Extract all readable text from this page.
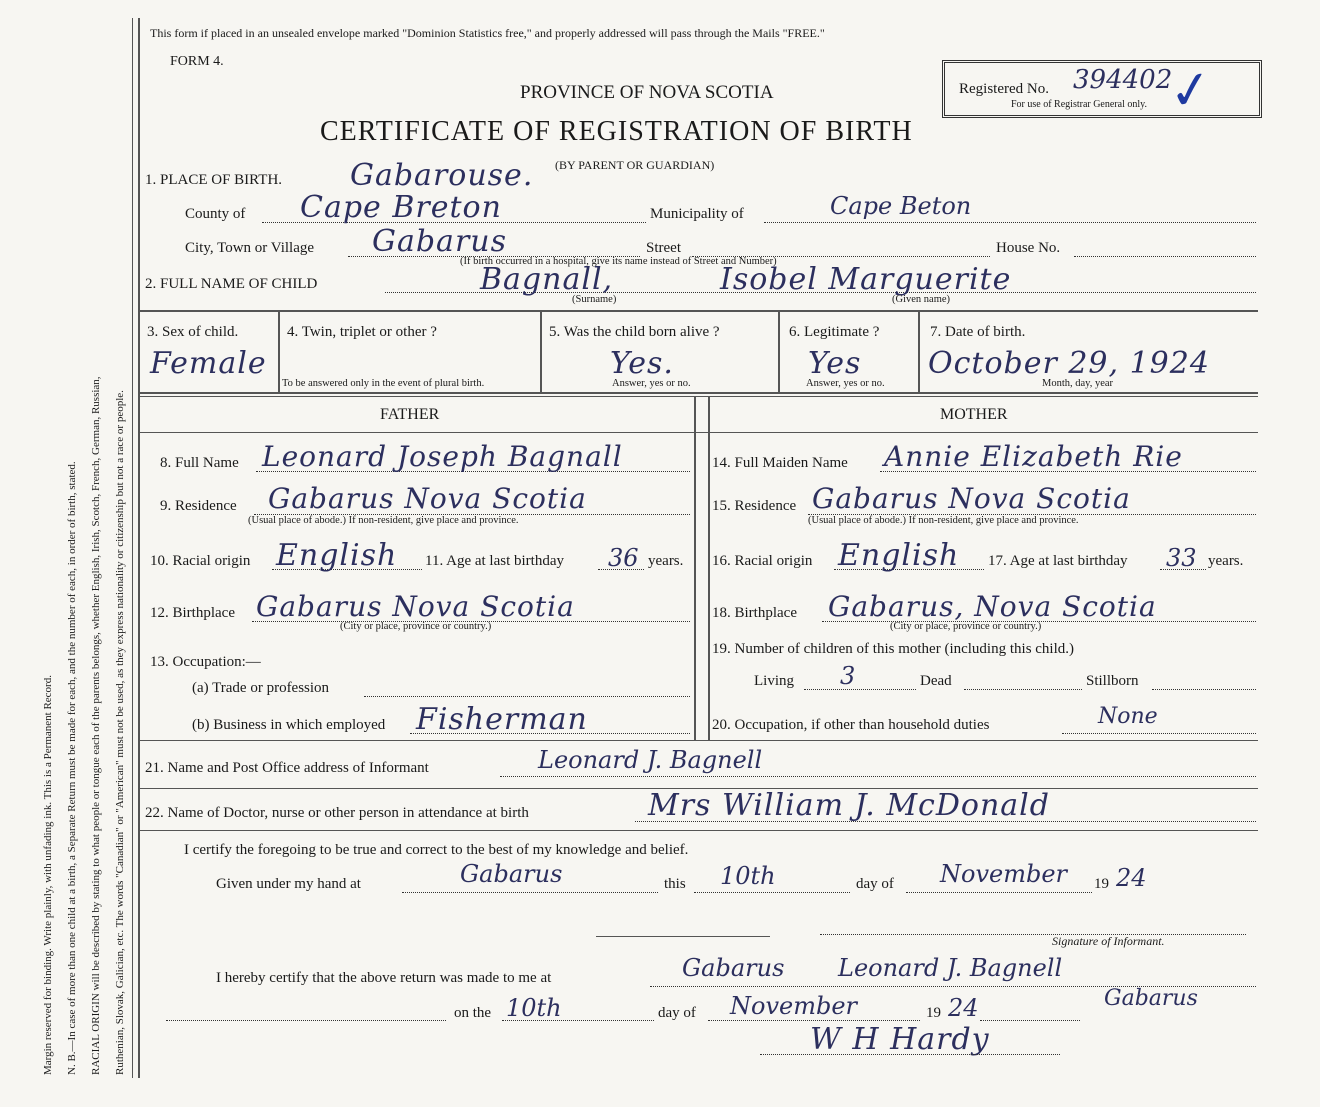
Margin reserved for binding. Write plainly, with unfading ink. This is a Permanent Record. N. B.—In case of more than one child at a birth, a Separate Return must be made for each, and the number of each, in order of birth, stated. RACIAL ORIGIN will be described by stating to what people or tongue each of the parents belongs, whether English, Irish, Scotch, French, German, Russian, Ruthenian, Slovak, Galician, etc. The words "Canadian" or "American" must not be used, as they express nationality or citizenship but not a race or people.
This form if placed in an unsealed envelope marked "Dominion Statistics free," and properly addressed will pass through the Mails "FREE."
FORM 4.
PROVINCE OF NOVA SCOTIA
CERTIFICATE OF REGISTRATION OF BIRTH
(BY PARENT OR GUARDIAN)
Registered No. 394402
✓
For use of Registrar General only.
1. PLACE OF BIRTH. Gabarouse.
County of Cape Breton	Municipality of	Cape Beton
City, Town or Village Gabarus	Street	House No.
(If birth occurred in a hospital, give its name instead of Street and Number)
2. FULL NAME OF CHILD	Bagnall,	Isobel Marguerite
(Surname)	(Given name)
3. Sex of child.
Female
4. Twin, triplet or other ?
To be answered only in the event of plural birth.
5. Was the child born alive ?
Yes.
Answer, yes or no.
6. Legitimate ?
Yes
Answer, yes or no.
7. Date of birth.
October 29, 1924
Month, day, year
FATHER	MOTHER
8. Full Name Leonard Joseph Bagnall
9. Residence Gabarus Nova Scotia
(Usual place of abode.) If non-resident, give place and province.
10. Racial origin English 11. Age at last birthday 36 years.
12. Birthplace Gabarus Nova Scotia
(City or place, province or country.)
13. Occupation:—
(a) Trade or profession
(b) Business in which employed Fisherman
14. Full Maiden Name Annie Elizabeth Rie
15. Residence Gabarus Nova Scotia
(Usual place of abode.) If non-resident, give place and province.
16. Racial origin English 17. Age at last birthday 33 years.
18. Birthplace Gabarus, Nova Scotia
(City or place, province or country.)
19. Number of children of this mother (including this child.)
Living 3	Dead	Stillborn
20. Occupation, if other than household duties	None
21. Name and Post Office address of Informant	Leonard J. Bagnell
22. Name of Doctor, nurse or other person in attendance at birth	Mrs William J. McDonald
I certify the foregoing to be true and correct to the best of my knowledge and belief.
Given under my hand at	Gabarus	this 10th	day of November 19 24
Signature of Informant.
I hereby certify that the above return was made to me at	Gabarus Leonard J. Bagnell
on the 10th	day of November	19 24	Gabarus
W H Hardy
